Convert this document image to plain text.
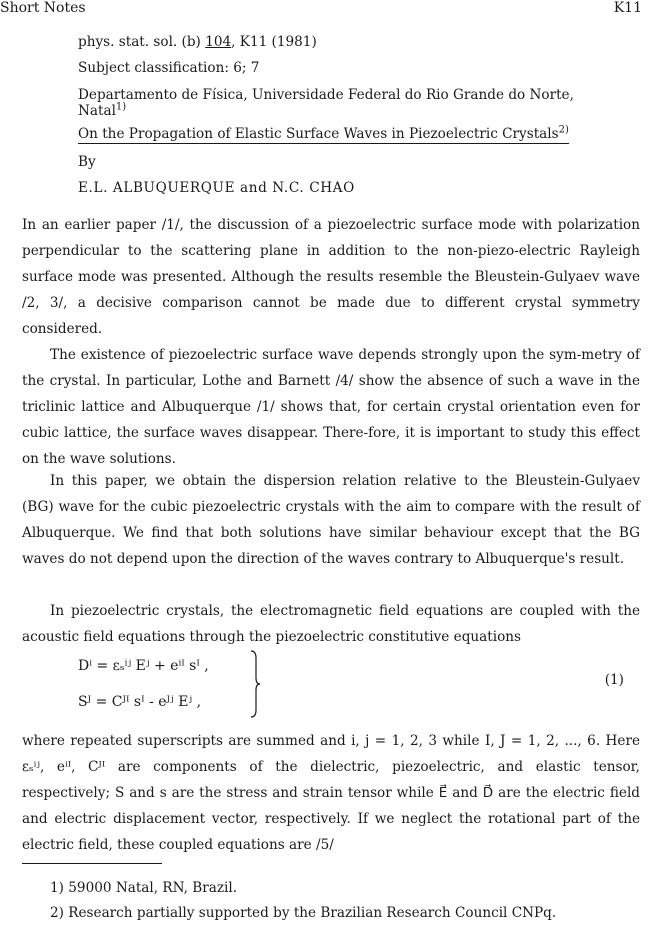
Short Notes	K11
phys. stat. sol. (b) 104, K11 (1981)
Subject classification: 6; 7
Departamento de Física, Universidade Federal do Rio Grande do Norte,
Natal$^{1)}$
On the Propagation of Elastic Surface Waves in Piezoelectric Crystals$^{2)}$
By
E.L. ALBUQUERQUE and N.C. CHAO

In an earlier paper /1/, the discussion of a piezoelectric surface mode with polarization perpendicular to the scattering plane in addition to the non-piezo-electric Rayleigh surface mode was presented. Although the results resemble the Bleustein-Gulyaev wave /2, 3/, a decisive comparison cannot be made due to different crystal symmetry considered.

The existence of piezoelectric surface wave depends strongly upon the sym-metry of the crystal. In particular, Lothe and Barnett /4/ show the absence of such a wave in the triclinic lattice and Albuquerque /1/ shows that, for certain crystal orientation even for cubic lattice, the surface waves disappear. There-fore, it is important to study this effect on the wave solutions.

In this paper, we obtain the dispersion relation relative to the Bleustein-Gulyaev (BG) wave for the cubic piezoelectric crystals with the aim to compare with the result of Albuquerque. We find that both solutions have similar behaviour except that the BG waves do not depend upon the direction of the waves contrary to Albuquerque's result.

In piezoelectric crystals, the electromagnetic field equations are coupled with the acoustic field equations through the piezoelectric constitutive equations

Dⁱ = εₛⁱʲ Eʲ + eⁱᴵ sᴵ ,
Sᴶ = Cᴶᴵ sᴵ - eᴶʲ Eʲ ,
(1)

where repeated superscripts are summed and i, j = 1, 2, 3 while I, J = 1, 2, ..., 6. Here εₛⁱʲ, eⁱᴵ, Cᴶᴵ are components of the dielectric, piezoelectric, and elastic tensor, respectively; S and s are the stress and strain tensor while E⃗ and D⃗ are the electric field and electric displacement vector, respectively. If we neglect the rotational part of the electric field, these coupled equations are /5/

1) 59000 Natal, RN, Brazil.
2) Research partially supported by the Brazilian Research Council CNPq.
